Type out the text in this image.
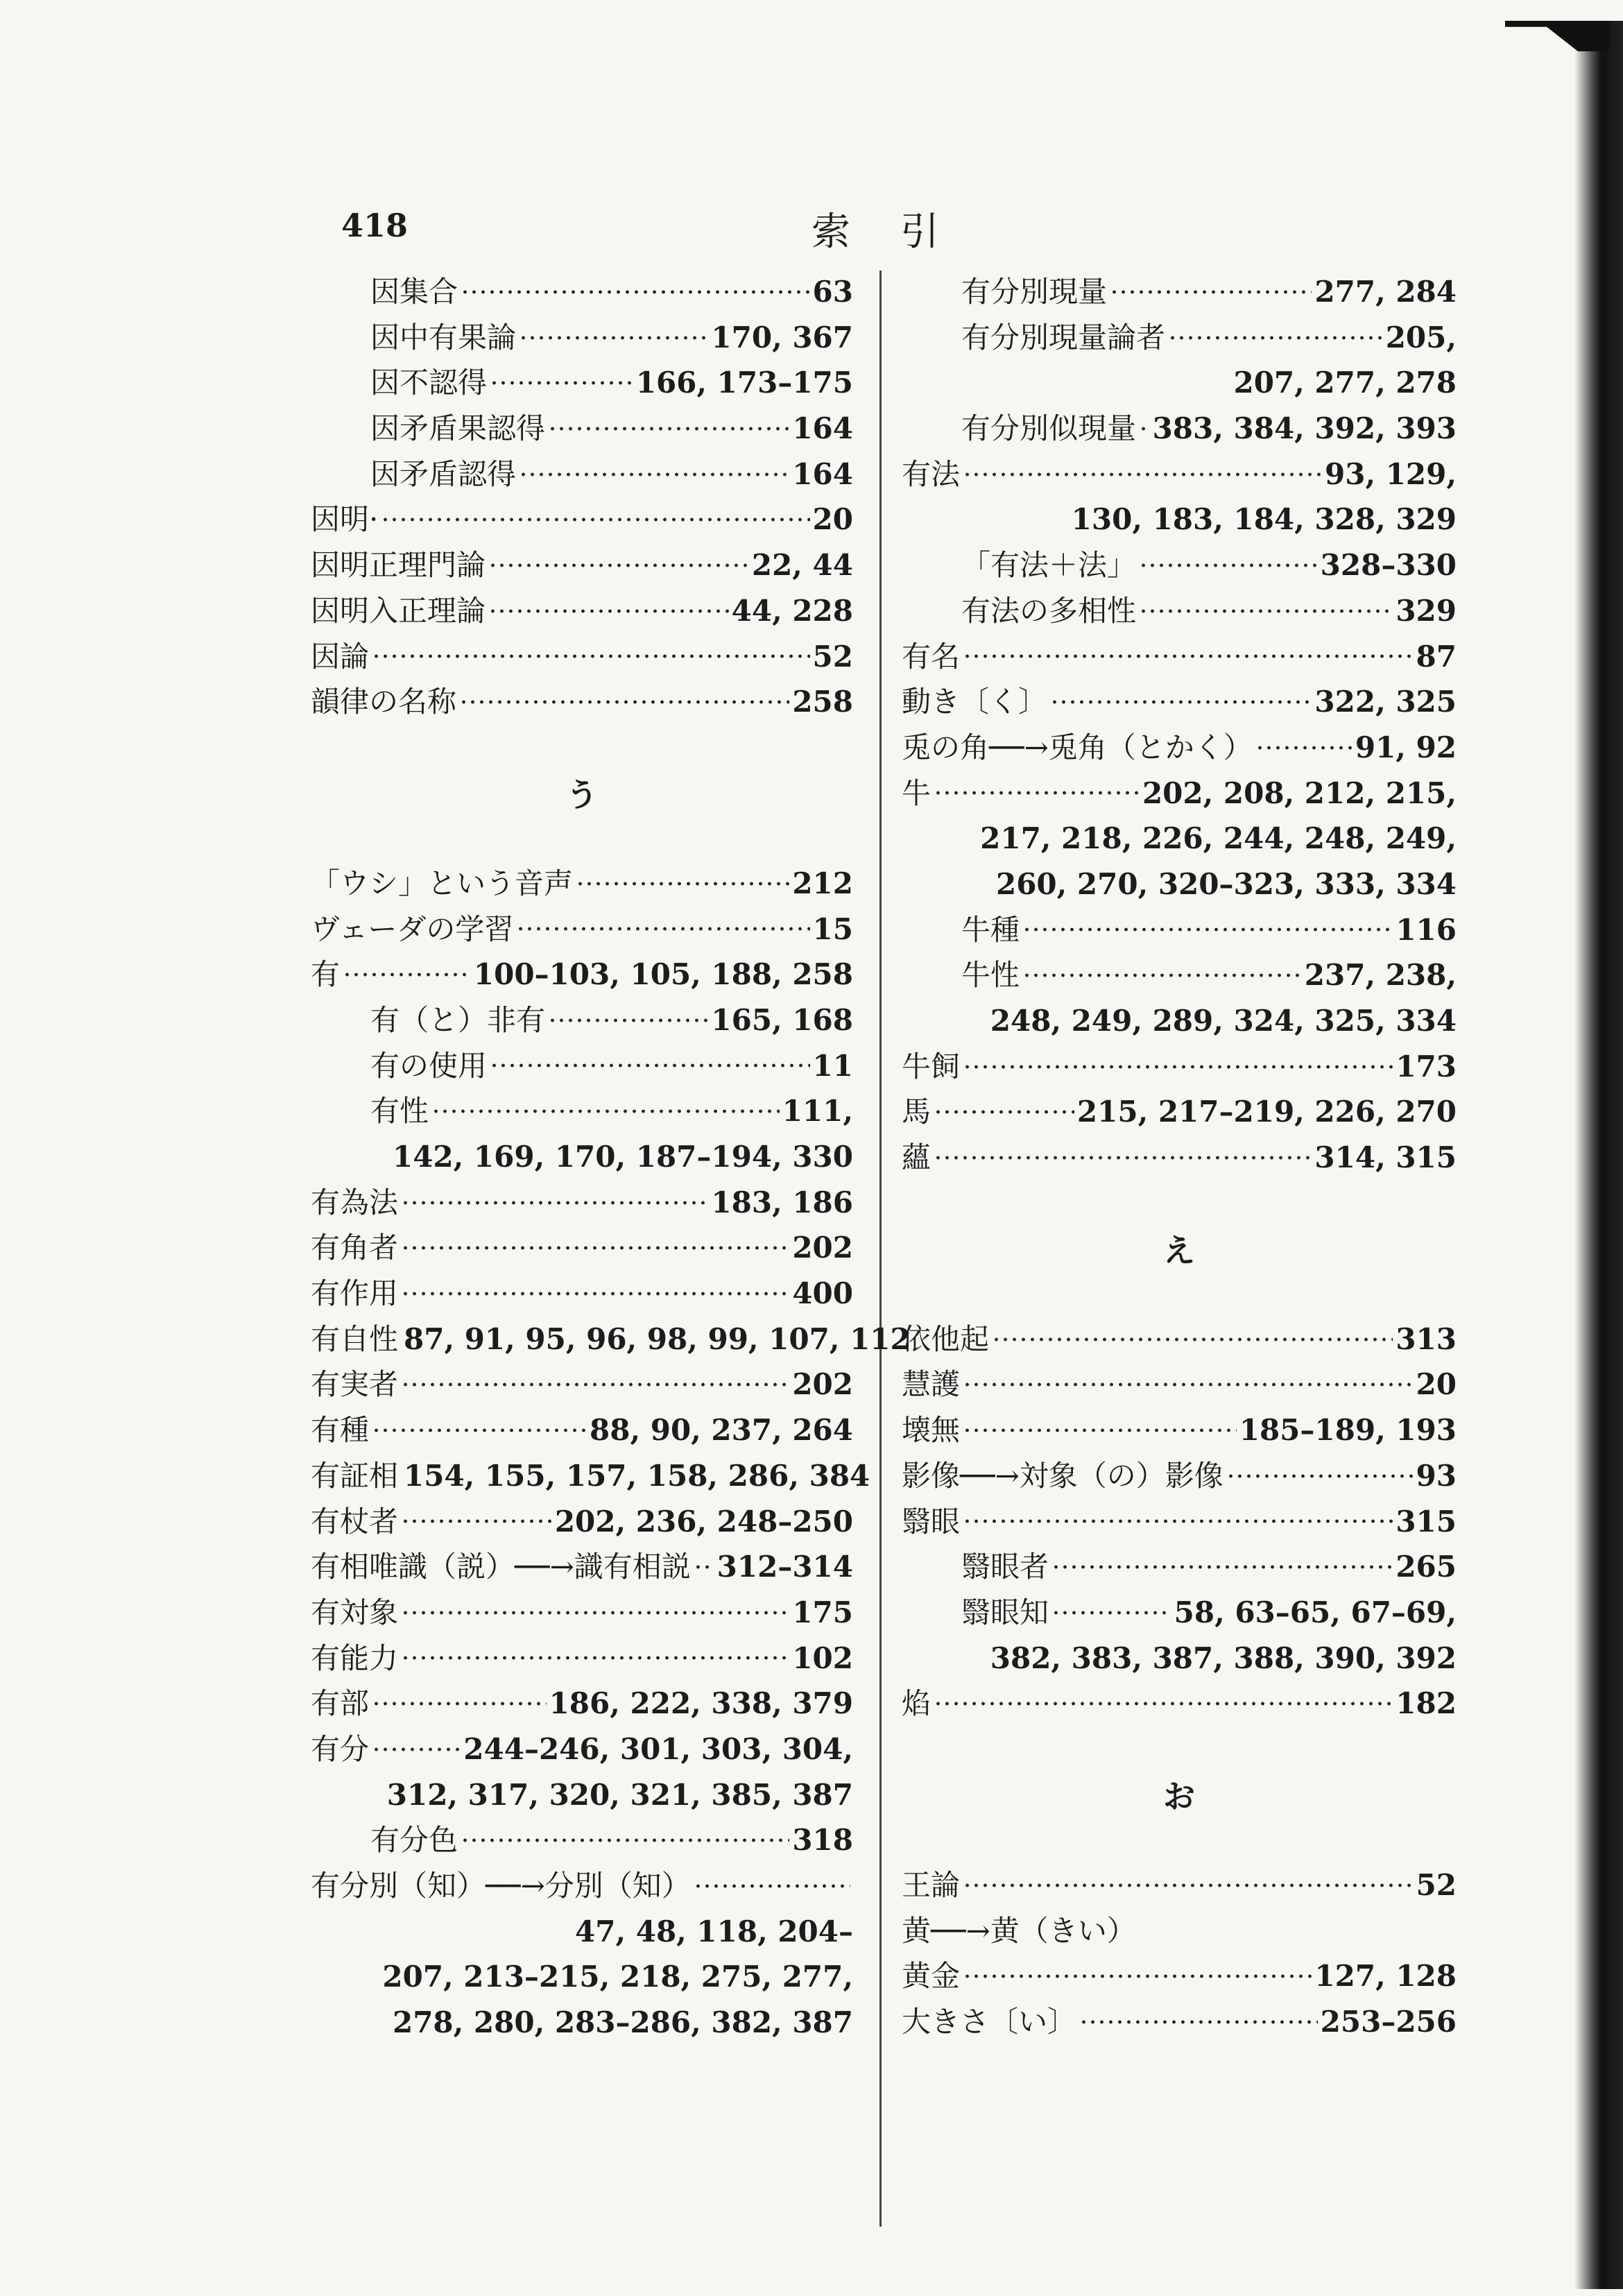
418	索引
因集合	63
因中有果論	170, 367
因不認得	166, 173–175
因矛盾果認得	164
因矛盾認得	164
因明·	20
因明正理門論	22, 44
因明入正理論	44, 228
因論	52
韻律の名称	258
う
「ウシ」という音声	212
ヴェーダの学習	15
有	100–103, 105, 188, 258
有（と）非有	165, 168
有の使用	11
有性	111,
142, 169, 170, 187–194, 330
有為法	183, 186
有角者	202
有作用	400
有自性 87, 91, 95, 96, 98, 99, 107, 112
有実者	202
有種	88, 90, 237, 264
有証相 154, 155, 157, 158, 286, 384
有杖者	202, 236, 248–250
有相唯識（説）──→識有相説 312–314
有対象	175
有能力	102
有部	186, 222, 338, 379
有分	244–246, 301, 303, 304,
312, 317, 320, 321, 385, 387
有分色	318
有分別（知）──→分別（知）
47, 48, 118, 204–
207, 213–215, 218, 275, 277,
278, 280, 283–286, 382, 387
有分別現量	277, 284
有分別現量論者	205,
207, 277, 278
有分別似現量 383, 384, 392, 393
有法	93, 129,
130, 183, 184, 328, 329
「有法＋法」	328–330
有法の多相性	329
有名	87
動き〔く〕	322, 325
兎の角──→兎角（とかく）	91, 92
牛	202, 208, 212, 215,
217, 218, 226, 244, 248, 249,
260, 270, 320–323, 333, 334
牛種	116
牛性	237, 238,
248, 249, 289, 324, 325, 334
牛飼	173
馬	215, 217–219, 226, 270
蘊	314, 315
え
依他起	313
慧護	20
壊無	185–189, 193
影像──→対象（の）影像	93
翳眼	315
翳眼者	265
翳眼知	58, 63–65, 67–69,
382, 383, 387, 388, 390, 392
焰	182
お
王論	52
黄──→黄（きい）
黄金	127, 128
大きさ〔い〕	253–256
